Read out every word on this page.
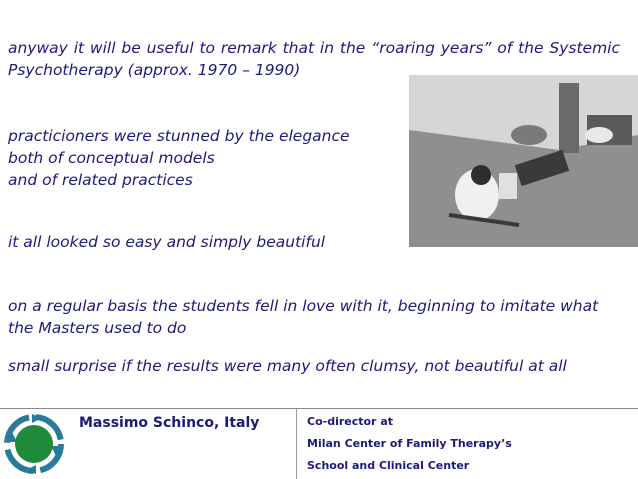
anyway it will be useful to remark that in the “roaring years” of the Systemic Psychotherapy (approx. 1970 – 1990)

practicioners were stunned by the elegance
both of conceptual models
and of related practices

it all looked so easy and simply beautiful

on a regular basis the students fell in love with it, beginning to imitate what the Masters used to do

small surprise if the results were many often clumsy, not beautiful at all

Massimo Schinco, Italy	Co-director at

Milan Center of Family Therapy’s

School and Clinical Center
